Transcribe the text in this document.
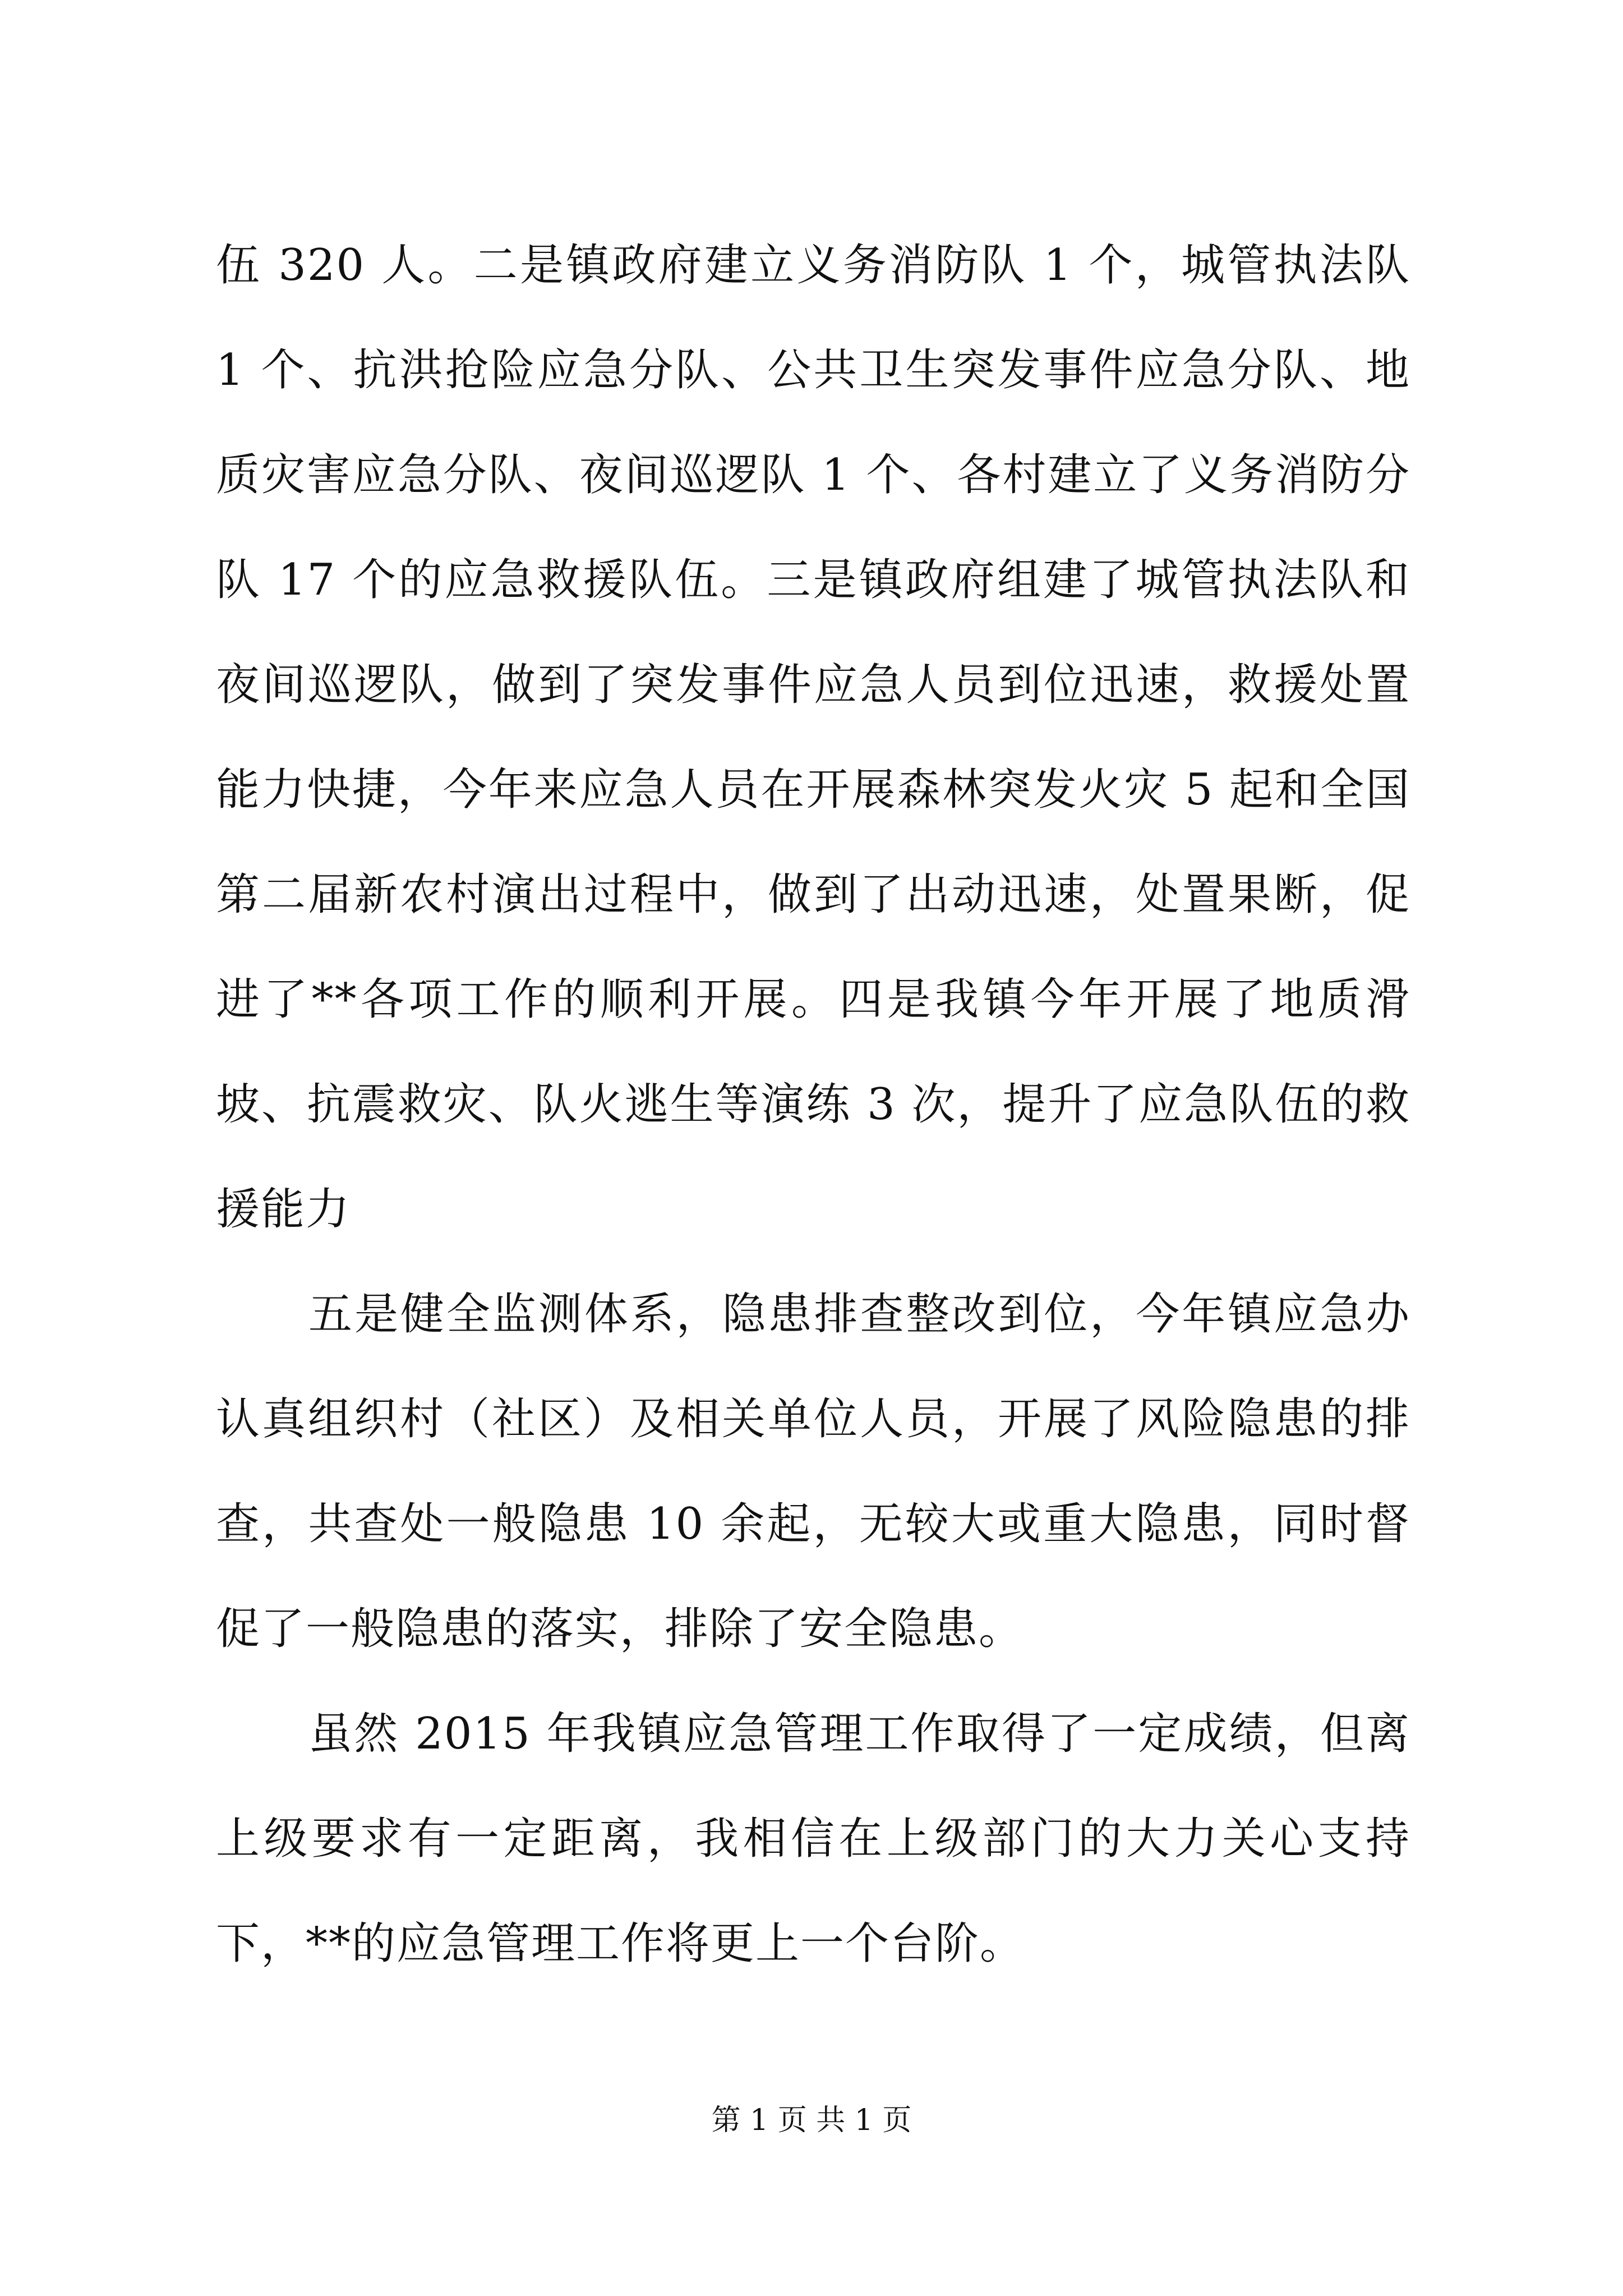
伍 320 人。二是镇政府建立义务消防队 1 个，城管执法队 1 个、抗洪抢险应急分队、公共卫生突发事件应急分队、地质灾害应急分队、夜间巡逻队 1 个、各村建立了义务消防分队 17 个的应急救援队伍。三是镇政府组建了城管执法队和夜间巡逻队，做到了突发事件应急人员到位迅速，救援处置能力快捷，今年来应急人员在开展森林突发火灾 5 起和全国第二届新农村演出过程中，做到了出动迅速，处置果断，促进了**各项工作的顺利开展。四是我镇今年开展了地质滑坡、抗震救灾、队火逃生等演练 3 次，提升了应急队伍的救援能力

五是健全监测体系，隐患排查整改到位，今年镇应急办认真组织村（社区）及相关单位人员，开展了风险隐患的排查，共查处一般隐患 10 余起，无较大或重大隐患，同时督促了一般隐患的落实，排除了安全隐患。

虽然 2015 年我镇应急管理工作取得了一定成绩，但离上级要求有一定距离，我相信在上级部门的大力关心支持下，**的应急管理工作将更上一个台阶。

第 1 页 共 1 页
